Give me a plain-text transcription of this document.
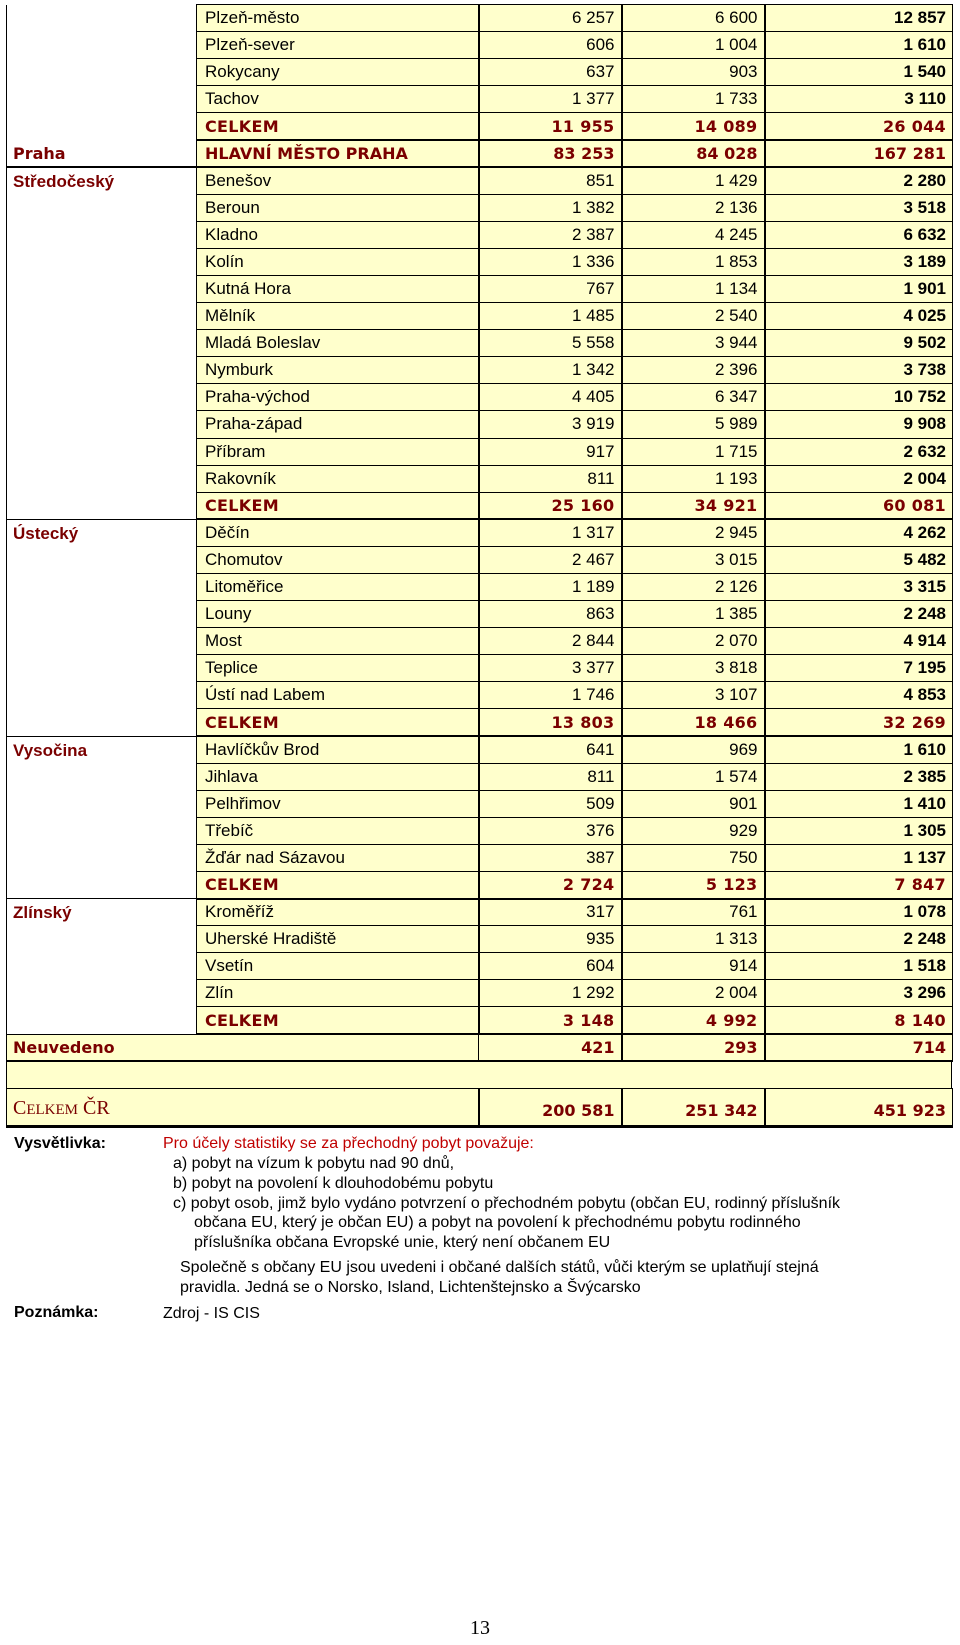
	Plzeň-město	6 257	6 600	12 857
	Plzeň-sever	606	1 004	1 610
	Rokycany	637	903	1 540
	Tachov	1 377	1 733	3 110
	CELKEM	11 955	14 089	26 044
Praha	HLAVNÍ MĚSTO PRAHA	83 253	84 028	167 281
Středočeský	Benešov	851	1 429	2 280
	Beroun	1 382	2 136	3 518
	Kladno	2 387	4 245	6 632
	Kolín	1 336	1 853	3 189
	Kutná Hora	767	1 134	1 901
	Mělník	1 485	2 540	4 025
	Mladá Boleslav	5 558	3 944	9 502
	Nymburk	1 342	2 396	3 738
	Praha-východ	4 405	6 347	10 752
	Praha-západ	3 919	5 989	9 908
	Příbram	917	1 715	2 632
	Rakovník	811	1 193	2 004
	CELKEM	25 160	34 921	60 081
Ústecký	Děčín	1 317	2 945	4 262
	Chomutov	2 467	3 015	5 482
	Litoměřice	1 189	2 126	3 315
	Louny	863	1 385	2 248
	Most	2 844	2 070	4 914
	Teplice	3 377	3 818	7 195
	Ústí nad Labem	1 746	3 107	4 853
	CELKEM	13 803	18 466	32 269
Vysočina	Havlíčkův Brod	641	969	1 610
	Jihlava	811	1 574	2 385
	Pelhřimov	509	901	1 410
	Třebíč	376	929	1 305
	Žďár nad Sázavou	387	750	1 137
	CELKEM	2 724	5 123	7 847
Zlínský	Kroměříž	317	761	1 078
	Uherské Hradiště	935	1 313	2 248
	Vsetín	604	914	1 518
	Zlín	1 292	2 004	3 296
	CELKEM	3 148	4 992	8 140
Neuvedeno		421	293	714
CELKEM ČR	200 581	251 342	451 923
Vysvětlivka:	Pro účely statistiky se za přechodný pobyt považuje:
a) pobyt na vízum k pobytu nad 90 dnů,
b) pobyt na povolení k dlouhodobému pobytu
c) pobyt osob, jimž bylo vydáno potvrzení o přechodném pobytu (občan EU, rodinný příslušník
občana EU, který je občan EU) a pobyt na povolení k přechodnému pobytu rodinného
příslušníka občana Evropské unie, který není občanem EU
Společně s občany EU jsou uvedeni i občané dalších států, vůči kterým se uplatňují stejná
pravidla. Jedná se o Norsko, Island, Lichtenštejnsko a Švýcarsko
Poznámka:	Zdroj - IS CIS
13
